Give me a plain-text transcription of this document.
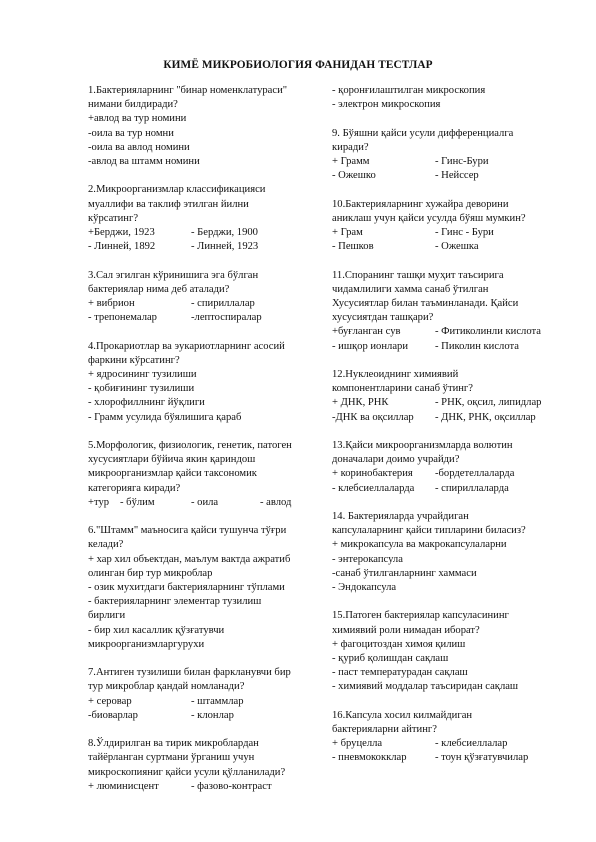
КИМЁ МИКРОБИОЛОГИЯ ФАНИДАН ТЕСТЛАР
1.Бактерияларнинг "бинар номенклатураси"
нимани билдиради?
+авлод ва тур номини
-оила ва тур номни
-оила ва авлод номини
-авлод ва штамм номини
2.Микроорганизмлар классификацияси
муаллифи ва таклиф этилган йилни
кўрсатинг?
+Берджи, 1923	- Берджи, 1900
- Линней, 1892	- Линней, 1923
3.Сал эгилган кўринишига эга бўлган
бактериялар нима деб аталади?
+ вибрион	- спириллалар
- трепонемалар	-лептоспиралар
4.Прокариотлар ва эукариотларнинг асосий
фаркини кўрсатинг?
+ ядросининг тузилиши
- қобиғининг тузилиши
- хлорофиллнинг йўқлиги
- Грамм усулида бўялишига қараб
5.Морфологик, физиологик, генетик, патоген
хусусиятлари бўйича якин қариндош
микроорганизмлар қайси таксономик
категорияга киради?
+тур	- бўлим	- оила	- авлод
6."Штамм" маъносига қайси тушунча тўғри
келади?
+ хар хил объектдан, маълум вактда ажратиб
олинган бир тур микроблар
- озик мухитдаги бактерияларнинг тўплами
- бактерияларнинг элементар тузилиш
бирлиги
- бир хил касаллик қўзғатувчи
микроорганизмларгурухи
7.Антиген тузилиши билан фаркланувчи бир
тур микроблар қандай номланади?
+ серовар	- штаммлар
-биоварлар	- клонлар
8.Ўлдирилган ва тирик микроблардан
тайёрланган суртмани ўрганиш учун
микроскопияниг қайси усули қўлланилади?
+ люминисцент	- фазово-контраст
- қоронғилаштилган микроскопия
- электрон микроскопия
9. Бўяшни қайси усули дифференциалга
киради?
+ Грамм	- Гинс-Бури
- Ожешко	- Нейссер
10.Бактерияларнинг хужайра деворини
аниклаш учун қайси усулда бўяш мумкин?
+ Грам	- Гинс - Бури
- Пешков	- Ожешка
11.Спорaнинг ташқи муҳит таъсирига
чидамлилиги хамма санаб ўтилган
Хусусиятлар билан таъминланади. Қайси
хусусиятдан ташқари?
+буғланган сув	- Фитиколинли кислота
- ишқор ионлари	- Пиколин кислота
12.Нуклеоиднинг химиявий
компонентларини санаб ўтинг?
+ ДНК, РНК	- РНК, оқсил, липидлар
-ДНК ва оқсиллар	- ДНК, РНК, оқсиллар
13.Қайси микроорганизмларда волютин
доначалари доимо учрайди?
+ коринобактерия	-бордетеллаларда
- клебсиеллаларда	- спириллаларда
14. Бактерияларда учрайдиган
капсулаларнинг қайси типларини биласиз?
+ микрокапсула ва макрокапсулаларни
- энтерокапсула
-санаб ўтилганларнинг хаммаси
- Эндокапсула
15.Патоген бактериялар капсуласининг
химиявий роли нимадан иборат?
+ фагоцитоздан химоя қилиш
- қуриб қолишдан сақлаш
- паст температурадан сақлаш
- химиявий моддалар таъсиридан сақлаш
16.Капсула хосил килмайдиган
бактерияларни айтинг?
+ бруцелла	- клебсиеллалар
- пневмококклар	- тоун қўзғатувчилар
